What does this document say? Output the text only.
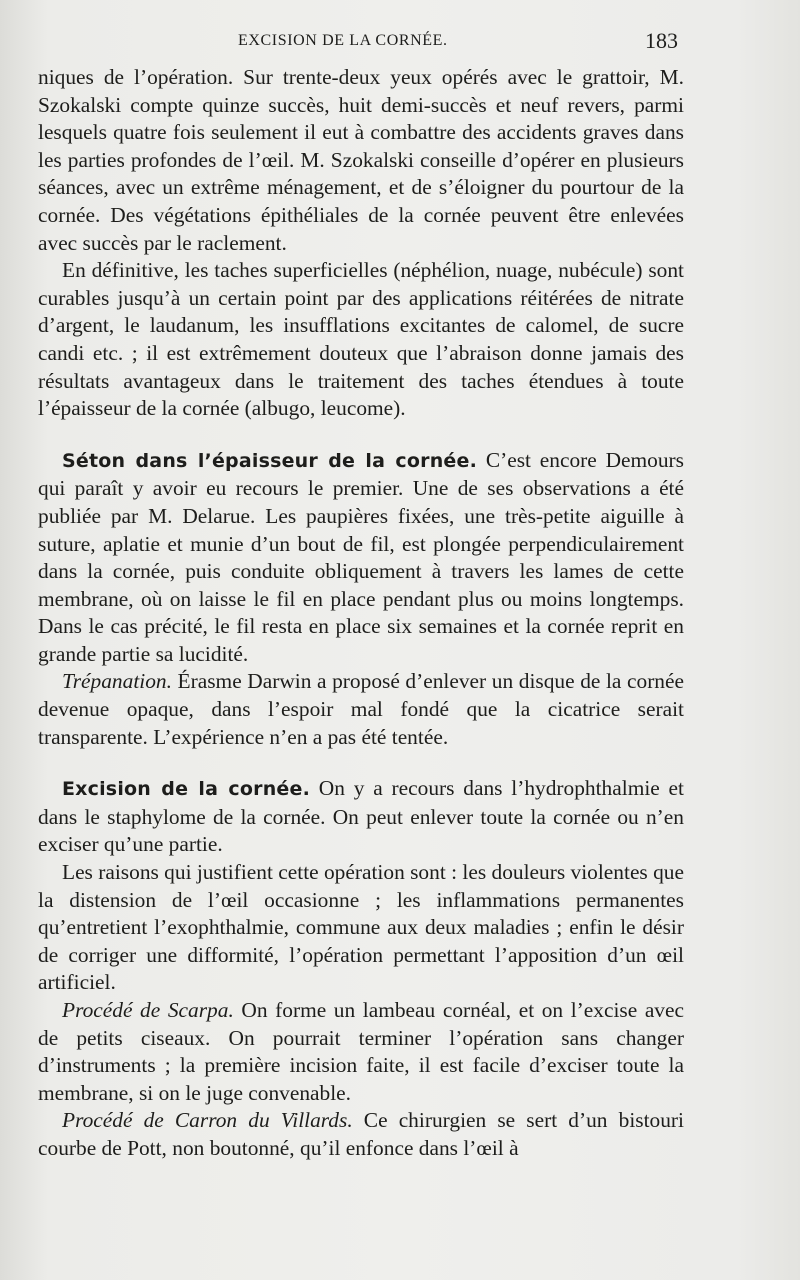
EXCISION DE LA CORNÉE.	183

niques de l’opération. Sur trente-deux yeux opérés avec le grattoir, M. Szokalski compte quinze succès, huit demi-succès et neuf revers, parmi lesquels quatre fois seulement il eut à combattre des accidents graves dans les parties profondes de l’œil. M. Szokalski conseille d’opérer en plusieurs séances, avec un extrême ménagement, et de s’éloigner du pourtour de la cornée. Des végétations épithéliales de la cornée peuvent être enlevées avec succès par le raclement.

En définitive, les taches superficielles (néphélion, nuage, nubécule) sont curables jusqu’à un certain point par des applications réitérées de nitrate d’argent, le laudanum, les insufflations excitantes de calomel, de sucre candi etc. ; il est extrêmement douteux que l’abraison donne jamais des résultats avantageux dans le traitement des taches étendues à toute l’épaisseur de la cornée (albugo, leucome).

Séton dans l’épaisseur de la cornée. C’est encore Demours qui paraît y avoir eu recours le premier. Une de ses observations a été publiée par M. Delarue. Les paupières fixées, une très-petite aiguille à suture, aplatie et munie d’un bout de fil, est plongée perpendiculairement dans la cornée, puis conduite obliquement à travers les lames de cette membrane, où on laisse le fil en place pendant plus ou moins longtemps. Dans le cas précité, le fil resta en place six semaines et la cornée reprit en grande partie sa lucidité.

Trépanation. Érasme Darwin a proposé d’enlever un disque de la cornée devenue opaque, dans l’espoir mal fondé que la cicatrice serait transparente. L’expérience n’en a pas été tentée.

Excision de la cornée. On y a recours dans l’hydrophthalmie et dans le staphylome de la cornée. On peut enlever toute la cornée ou n’en exciser qu’une partie.

Les raisons qui justifient cette opération sont : les douleurs violentes que la distension de l’œil occasionne ; les inflammations permanentes qu’entretient l’exophthalmie, commune aux deux maladies ; enfin le désir de corriger une difformité, l’opération permettant l’apposition d’un œil artificiel.

Procédé de Scarpa. On forme un lambeau cornéal, et on l’excise avec de petits ciseaux. On pourrait terminer l’opération sans changer d’instruments ; la première incision faite, il est facile d’exciser toute la membrane, si on le juge convenable.

Procédé de Carron du Villards. Ce chirurgien se sert d’un bistouri courbe de Pott, non boutonné, qu’il enfonce dans l’œil à
